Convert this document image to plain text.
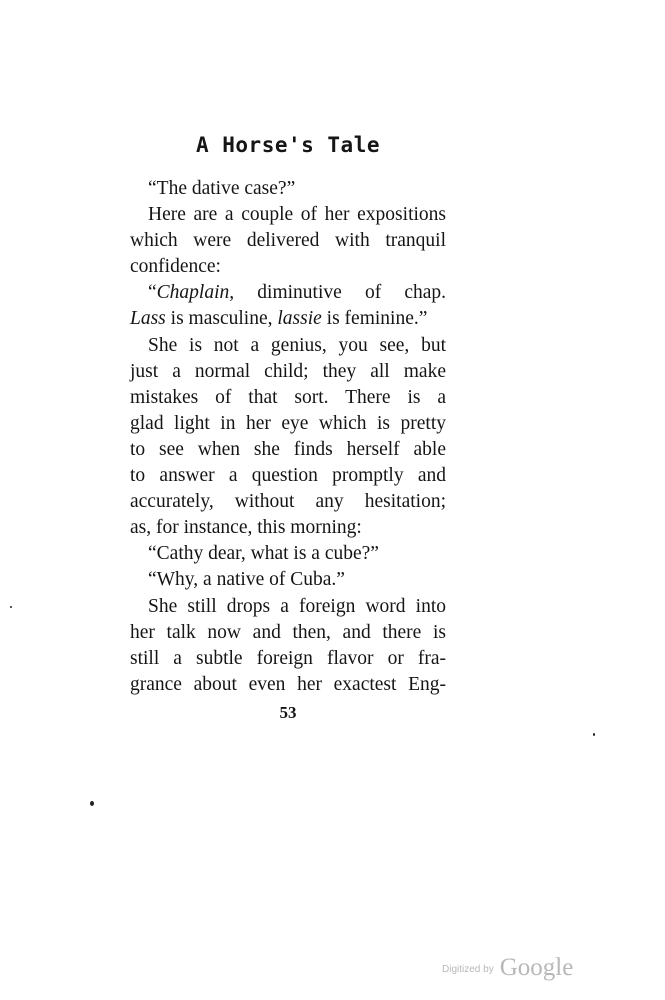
A Horse's Tale
“The dative case?”
Here are a couple of her expositions
which were delivered with tranquil
confidence:
“Chaplain, diminutive of chap.
Lass is masculine, lassie is feminine.”
She is not a genius, you see, but
just a normal child; they all make
mistakes of that sort. There is a
glad light in her eye which is pretty
to see when she finds herself able
to answer a question promptly and
accurately, without any hesitation;
as, for instance, this morning:
“Cathy dear, what is a cube?”
“Why, a native of Cuba.”
She still drops a foreign word into
her talk now and then, and there is
still a subtle foreign flavor or fra-
grance about even her exactest Eng-
53
Digitized by Google
